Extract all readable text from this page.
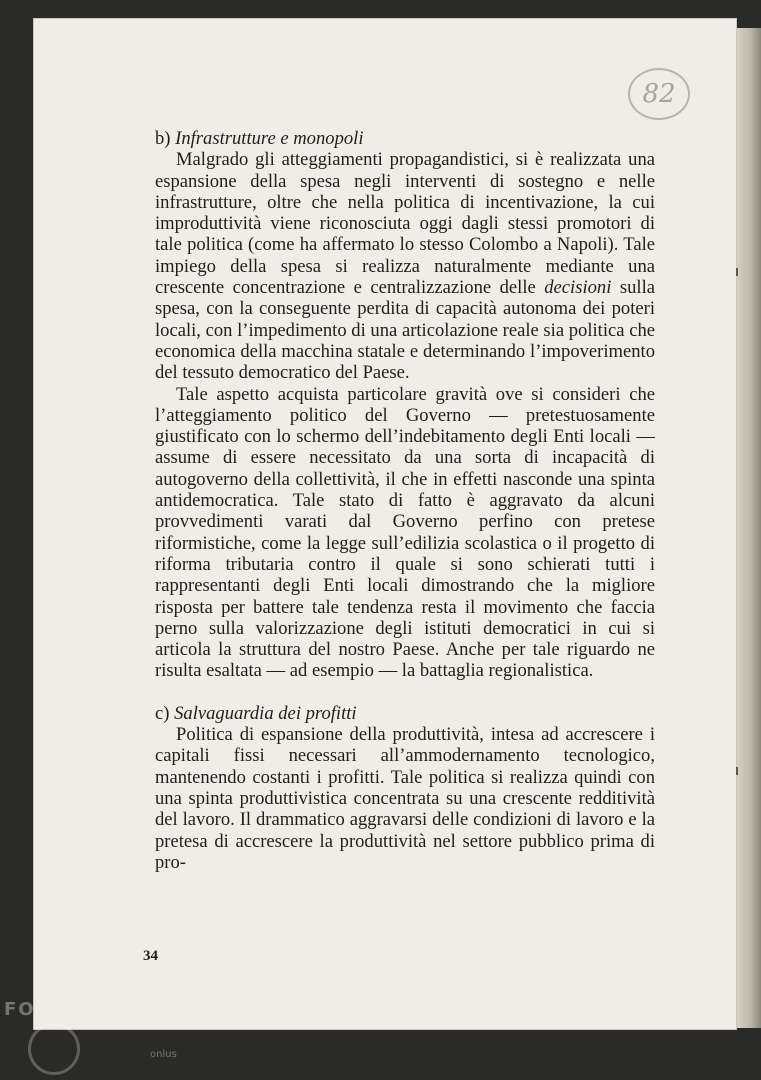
82

b) Infrastrutture e monopoli

Malgrado gli atteggiamenti propagandistici, si è realizzata una espansione della spesa negli interventi di sostegno e nelle infrastrutture, oltre che nella politica di incentivazione, la cui improduttività viene riconosciuta oggi dagli stessi promotori di tale politica (come ha affermato lo stesso Colombo a Napoli). Tale impiego della spesa si realizza naturalmente mediante una crescente concentrazione e centralizzazione delle decisioni sulla spesa, con la conseguente perdita di capacità autonoma dei poteri locali, con l’impedimento di una articolazione reale sia politica che economica della macchina statale e determinando l’impoverimento del tessuto democratico del Paese.

Tale aspetto acquista particolare gravità ove si consideri che l’atteggiamento politico del Governo — pretestuosamente giustificato con lo schermo dell’indebitamento degli Enti locali — assume di essere necessitato da una sorta di incapacità di autogoverno della collettività, il che in effetti nasconde una spinta antidemocratica. Tale stato di fatto è aggravato da alcuni provvedimenti varati dal Governo perfino con pretese riformistiche, come la legge sull’edilizia scolastica o il progetto di riforma tributaria contro il quale si sono schierati tutti i rappresentanti degli Enti locali dimostrando che la migliore risposta per battere tale tendenza resta il movimento che faccia perno sulla valorizzazione degli istituti democratici in cui si articola la struttura del nostro Paese. Anche per tale riguardo ne risulta esaltata — ad esempio — la battaglia regionalistica.

c) Salvaguardia dei profitti

Politica di espansione della produttività, intesa ad accrescere i capitali fissi necessari all’ammodernamento tecnologico, mantenendo costanti i profitti. Tale politica si realizza quindi con una spinta produttivistica concentrata su una crescente redditività del lavoro. Il drammatico aggravarsi delle condizioni di lavoro e la pretesa di accrescere la produttività nel settore pubblico prima di pro-

34
FO
onlus
